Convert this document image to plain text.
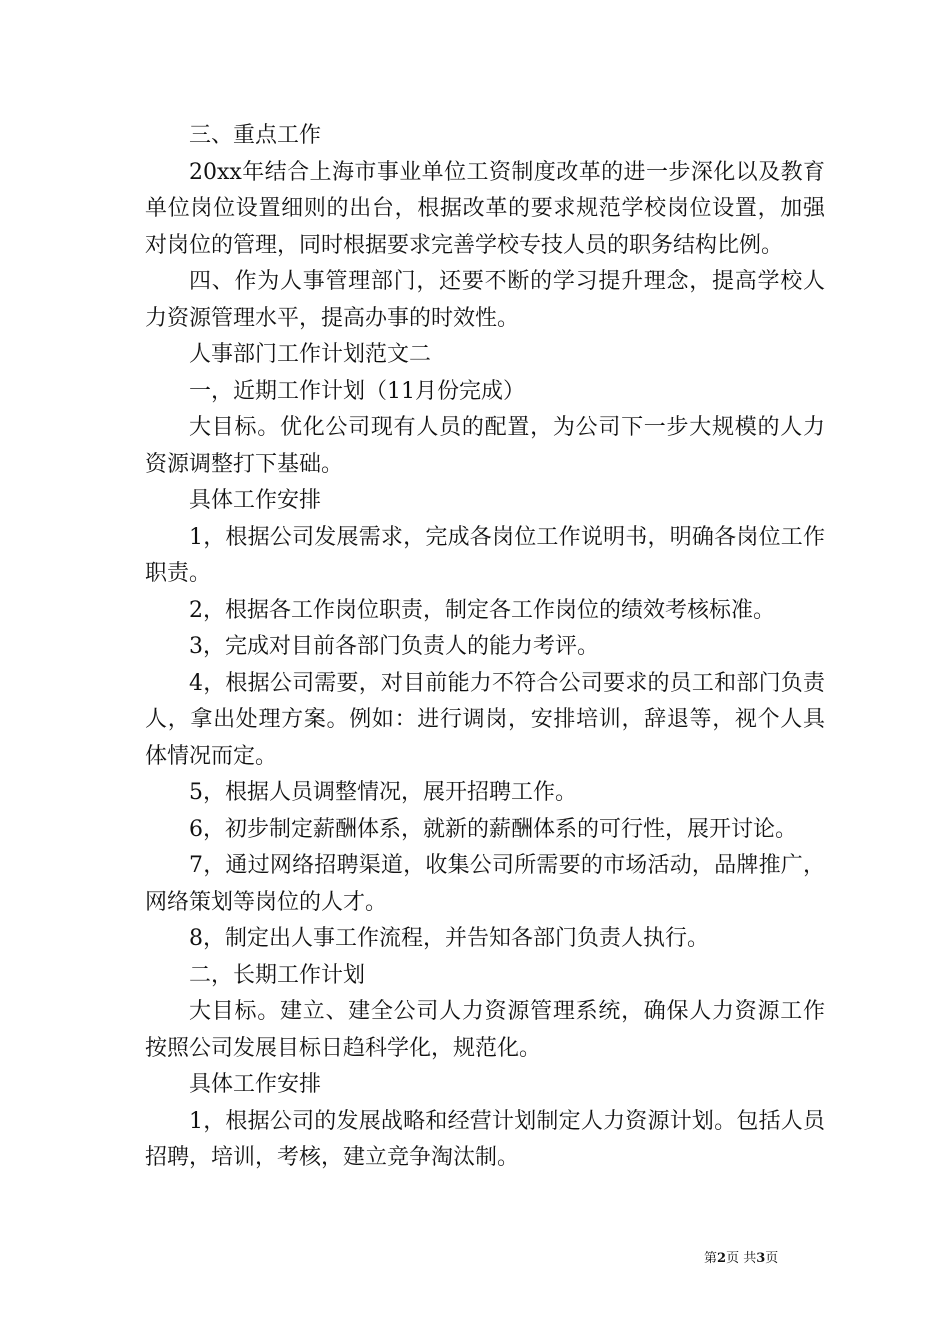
三、重点工作

20xx年结合上海市事业单位工资制度改革的进一步深化以及教育单位岗位设置细则的出台，根据改革的要求规范学校岗位设置，加强对岗位的管理，同时根据要求完善学校专技人员的职务结构比例。

四、作为人事管理部门，还要不断的学习提升理念，提高学校人力资源管理水平，提高办事的时效性。

人事部门工作计划范文二

一，近期工作计划（11月份完成）

大目标。优化公司现有人员的配置，为公司下一步大规模的人力资源调整打下基础。

具体工作安排

1，根据公司发展需求，完成各岗位工作说明书，明确各岗位工作职责。

2，根据各工作岗位职责，制定各工作岗位的绩效考核标准。

3，完成对目前各部门负责人的能力考评。

4，根据公司需要，对目前能力不符合公司要求的员工和部门负责人，拿出处理方案。例如：进行调岗，安排培训，辞退等，视个人具体情况而定。

5，根据人员调整情况，展开招聘工作。

6，初步制定薪酬体系，就新的薪酬体系的可行性，展开讨论。

7，通过网络招聘渠道，收集公司所需要的市场活动，品牌推广，网络策划等岗位的人才。

8，制定出人事工作流程，并告知各部门负责人执行。

二，长期工作计划

大目标。建立、建全公司人力资源管理系统，确保人力资源工作按照公司发展目标日趋科学化，规范化。

具体工作安排

1，根据公司的发展战略和经营计划制定人力资源计划。包括人员招聘，培训，考核，建立竞争淘汰制。

第2页 共3页
